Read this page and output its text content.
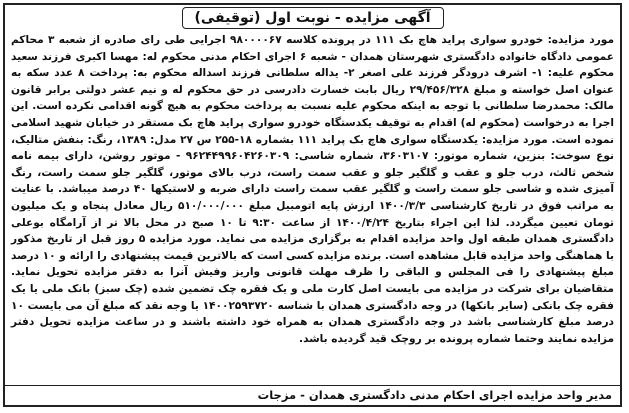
آگهی مزایده - نوبت اول (توقیفی)
مورد مزایده: خودرو سواری پراید هاچ بک ۱۱۱ در پرونده کلاسه ۹۸۰۰۰۰۶۷ اجرایی طی رای صادره از شعبه ۳ محاکم عمومی دادگاه خانواده دادگستری شهرستان همدان - شعبه ۶ اجرای احکام مدنی محکوم له: مهسا اکبری فرزند سعید محکوم علیه: ۱- اشرف درودگر فرزند علی اصغر ۲- یداله سلطانی فرزند اسداله محکوم به: پرداخت ۸ عدد سکه به عنوان اصل خواسته و مبلغ ۲۹/۴۵۶/۳۲۸ ریال بابت خسارت دادرسی در حق محکوم له و نیم عشر دولتی برابر قانون مالک: محمدرضا سلطانی با توجه به اینکه محکوم علیه نسبت به پرداخت محکوم به هیچ گونه اقدامی نکرده است. این اجرا به درخواست (محکوم له) اقدام به توقیف یکدستگاه خودرو سواری پراید هاچ بک مستقر در خیابان شهید اسلامی نموده است. مورد مزایده: یکدستگاه سواری هاچ بک پراید ۱۱۱ بشماره ۱۸-۲۵۵ س ۲۷ مدل: ۱۳۸۹، رنگ: بنفش متالیک، نوع سوخت: بنزین، شماره موتور: ۳۶۰۳۱۰۷، شماره شاسی: ۹۶۲۴۴۹۹۶۰۴۲۶۰۳۰۹ - موتور روشن، دارای بیمه نامه شخص ثالث، درب جلو و عقب و گلگیر جلو و عقب سمت راست، درب بالای موتور، گلگیر جلو سمت راست، رنگ آمیزی شده و شاسی جلو سمت راست و گلگیر عقب سمت راست دارای ضربه و لاستیکها ۴۰ درصد میباشد. با عنایت به مراتب فوق در تاریخ کارشناسی ۱۴۰۰/۳/۳ ارزش پایه اتومبیل مبلغ ۵۱۰/۰۰۰/۰۰۰ ریال معادل پنجاه و یک میلیون تومان تعیین میگردد. لذا این اجراء بتاریخ ۱۴۰۰/۴/۲۴ از ساعت ۹:۳۰ تا ۱۰ صبح در محل بالا تر از آرامگاه بوعلی دادگستری همدان طبقه اول واحد مزایده اقدام به برگزاری مزایده می نماید. مورد مزایده ۵ روز قبل از تاریخ مذکور با هماهنگی واحد مزایده قابل مشاهده است. برنده مزایده کسی است که بالاترین قیمت پیشنهادی را ارائه و ۱۰ درصد مبلغ پیشنهادی را فی المجلس و الباقی را ظرف مهلت قانونی واریز وفیش آنرا به دفتر مزایده تحویل نماید. متقاضیان برای شرکت در مزایده می بایست اصل کارت ملی و یک فقره چک تضمین شده (چک سبز) بانک ملی یا یک فقره چک بانکی (سایر بانکها) در وجه دادگستری همدان با شناسه ۱۴۰۰۲۵۹۳۷۲۰ یا وجه نقد که مبلغ آن می بایست ۱۰ درصد مبلغ کارشناسی باشد در وجه دادگستری همدان به همراه خود داشته باشند و در ساعت مزایده تحویل دفتر مزایده نمایند وحتما شماره پرونده بر روچک قید گردیده باشد.
مدیر واحد مزایده اجرای احکام مدنی دادگستری همدان - مزجات
